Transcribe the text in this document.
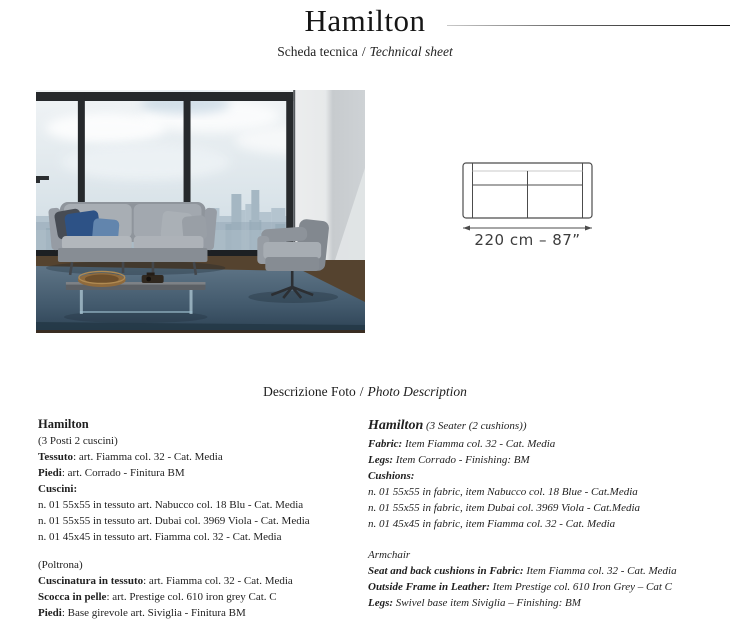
Hamilton
Scheda tecnica / Technical sheet
220 cm – 87”
Descrizione Foto / Photo Description
Hamilton
(3 Posti 2 cuscini)
Tessuto: art. Fiamma col. 32 - Cat. Media
Piedi: art. Corrado - Finitura BM
Cuscini:
n. 01 55x55 in tessuto art. Nabucco col. 18 Blu - Cat. Media
n. 01 55x55 in tessuto art. Dubai col. 3969 Viola - Cat. Media
n. 01 45x45 in tessuto art. Fiamma col. 32 - Cat. Media
(Poltrona)
Cuscinatura in tessuto: art. Fiamma col. 32 - Cat. Media
Scocca in pelle: art. Prestige col. 610 iron grey Cat. C
Piedi: Base girevole art. Siviglia - Finitura BM
Hamilton (3 Seater (2 cushions))
Fabric: Item Fiamma col. 32 - Cat. Media
Legs: Item Corrado - Finishing: BM
Cushions:
n. 01 55x55 in fabric, item Nabucco col. 18 Blue - Cat.Media
n. 01 55x55 in fabric, item Dubai col. 3969 Viola - Cat.Media
n. 01 45x45 in fabric, item Fiamma col. 32 - Cat. Media
Armchair
Seat and back cushions in Fabric: Item Fiamma col. 32 - Cat. Media
Outside Frame in Leather: Item Prestige col. 610 Iron Grey – Cat C
Legs: Swivel base item Siviglia – Finishing: BM
